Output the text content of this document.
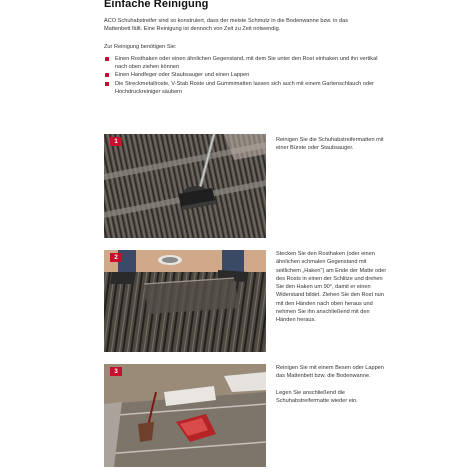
Einfache Reinigung
ACO Schuhabstreifer sind so konstruiert, dass der meiste Schmutz in die Bodenwanne bzw. in das Mattenbett fällt. Eine Reinigung ist dennoch von Zeit zu Zeit notwendig.
Zur Reinigung benötigen Sie:
Einen Rosthaken oder einen ähnlichen Gegenstand, mit dem Sie unter den Rost einhaken und ihn vertikal nach oben ziehen können
Einen Handfeger oder Staubsauger und einen Lappen
Die Streckmetallroste, V-Stab Roste und Gummimatten lassen sich auch mit einem Gartenschlauch oder Hochdruckreiniger säubern
1	Reinigen Sie die Schuhabstreifermatten mit einer Bürste oder Staubsauger.

2	Stecken Sie den Rosthaken (oder einen ähnlichen schmalen Gegenstand mit seitlichem „Haken") am Ende der Matte oder des Rosts in einen der Schlitze und drehen Sie den Haken um 90°, damit er einen Widerstand bildet. Ziehen Sie den Rost nun mit den Händen nach oben heraus und nehmen Sie ihn anschließend mit den Händen heraus.

3	Reinigen Sie mit einem Besen oder Lappen das Mattenbett bzw. die Bodenwanne.

Legen Sie anschließend die Schuhabstreifermatte wieder ein.
